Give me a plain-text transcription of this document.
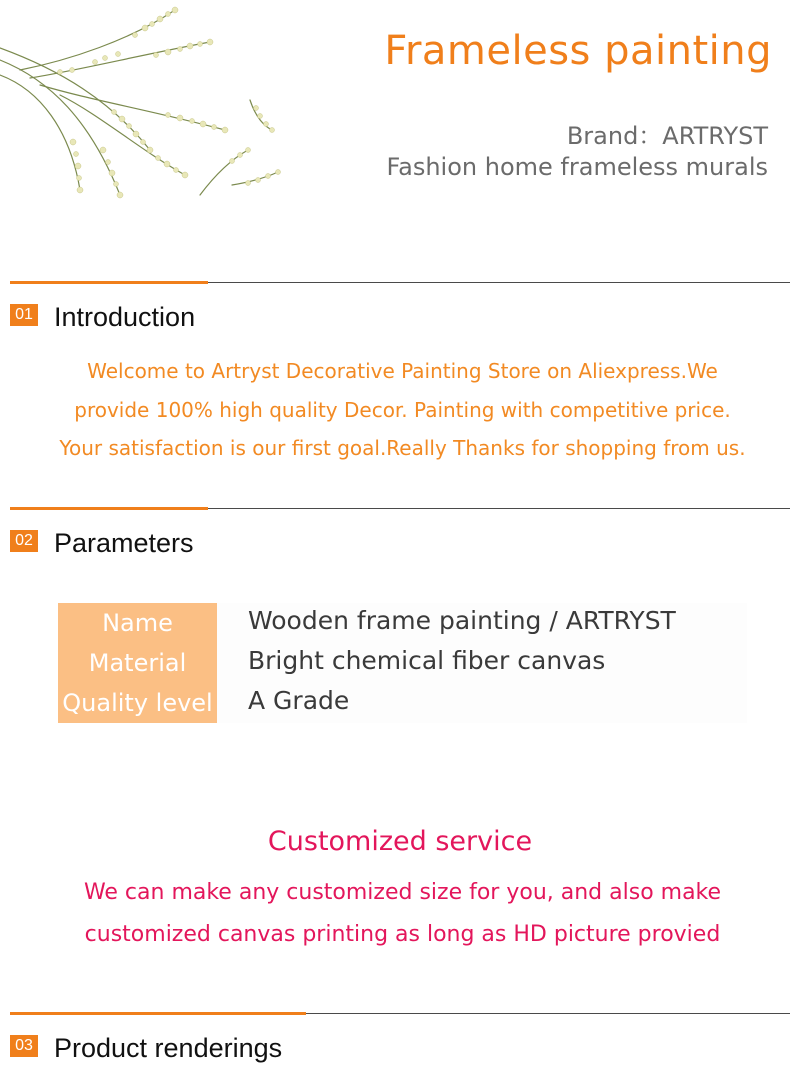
Frameless painting
Brand：ARTRYST
Fashion home frameless murals
01 Introduction
Welcome to Artryst Decorative Painting Store on Aliexpress.We
provide 100% high quality Decor. Painting with competitive price.
Your satisfaction is our first goal.Really Thanks for shopping from us.
02 Parameters
Name
Material
Quality level
Wooden frame painting / ARTRYST
Bright chemical fiber canvas
A Grade
Customized service
We can make any customized size for you, and also make
customized canvas printing as long as HD picture provied
03 Product renderings
